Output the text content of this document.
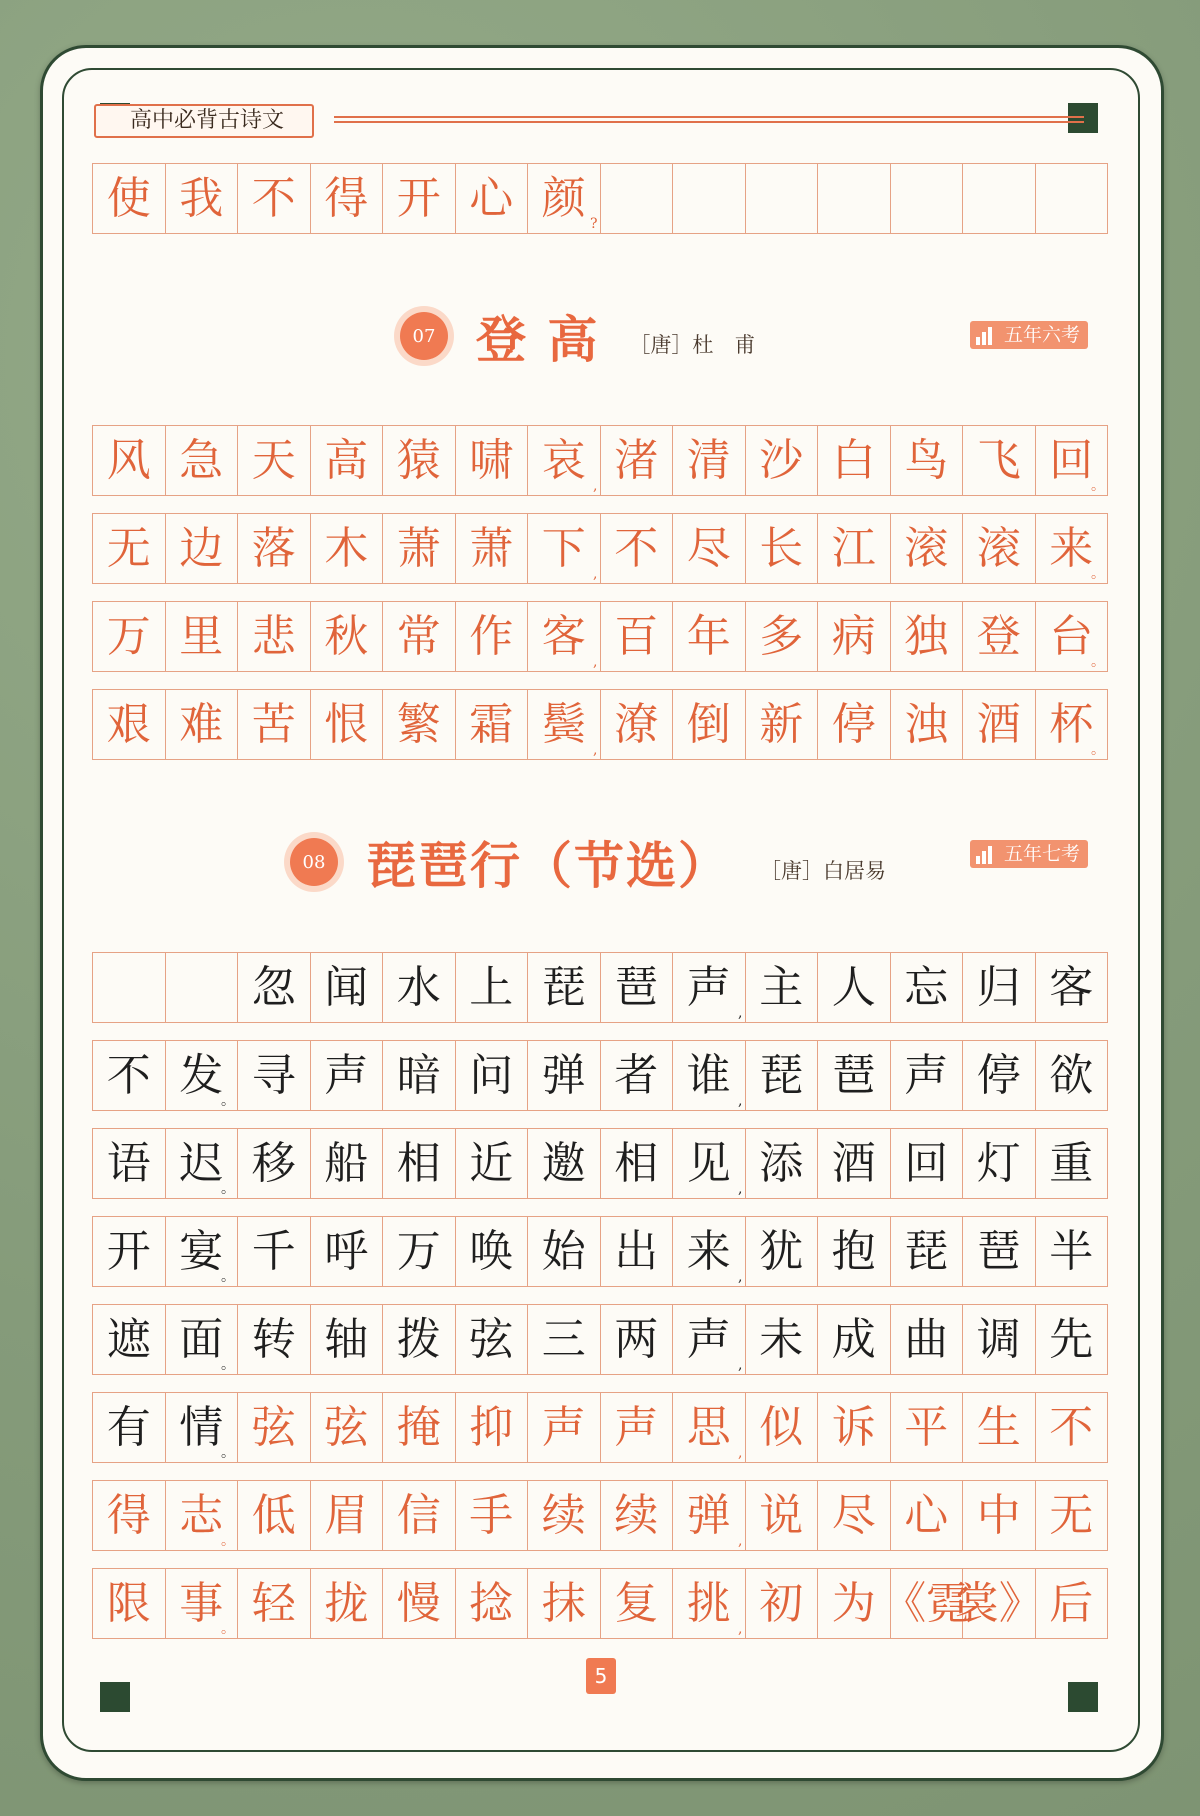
高中必背古诗文
使 我 不 得 开 心 颜
?
07 登 高 ［唐］杜　甫	五年六考
风 急 天 高 猿 啸 哀
,
渚 清 沙 白 鸟 飞 回
。
无 边 落 木 萧 萧 下
,
不 尽 长 江 滚 滚 来
。
万 里 悲 秋 常 作 客
,
百 年 多 病 独 登 台
。
艰 难 苦 恨 繁 霜 鬓
,
潦 倒 新 停 浊 酒 杯
。
08 琵琶行（节选） ［唐］白居易
五年七考
忽 闻 水 上 琵 琶 声
,
主 人 忘 归 客
不 发
。
寻 声 暗 问 弹 者 谁
,
琵 琶 声 停 欲
语 迟
。
移 船 相 近 邀 相 见
,
添 酒 回 灯 重
开 宴
。
千 呼 万 唤 始 出 来
,
犹 抱 琵 琶 半
遮 面
。
转 轴 拨 弦 三 两 声
,
未 成 曲 调 先
有 情
。
弦 弦 掩 抑 声 声 思
,
似 诉 平 生 不
得 志
。
低 眉 信 手 续 续 弹
,
说 尽 心 中 无
限 事
。
轻 拢 慢 捻 抹 复 挑
,
初 为 《霓
裳》 后
5
